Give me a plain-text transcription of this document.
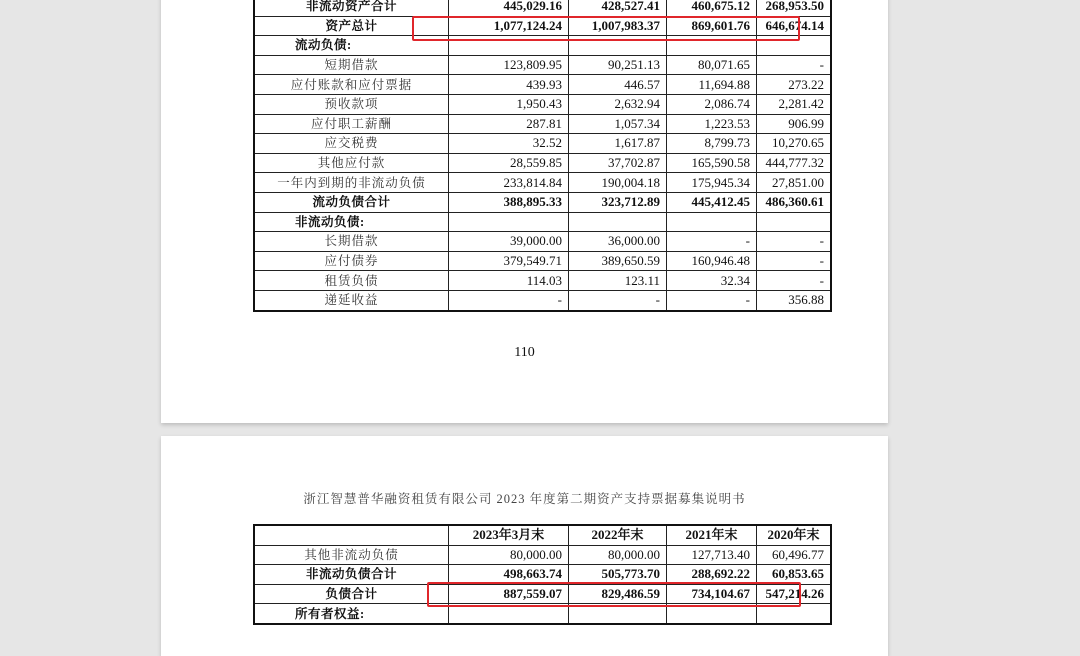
非流动资产合计	445,029.16	428,527.41	460,675.12	268,953.50
资产总计	1,077,124.24	1,007,983.37	869,601.76	646,674.14
流动负债:				
短期借款	123,809.95	90,251.13	80,071.65	-
应付账款和应付票据	439.93	446.57	11,694.88	273.22
预收款项	1,950.43	2,632.94	2,086.74	2,281.42
应付职工薪酬	287.81	1,057.34	1,223.53	906.99
应交税费	32.52	1,617.87	8,799.73	10,270.65
其他应付款	28,559.85	37,702.87	165,590.58	444,777.32
一年内到期的非流动负债	233,814.84	190,004.18	175,945.34	27,851.00
流动负债合计	388,895.33	323,712.89	445,412.45	486,360.61
非流动负债:				
长期借款	39,000.00	36,000.00	-	-
应付债券	379,549.71	389,650.59	160,946.48	-
租赁负债	114.03	123.11	32.34	-
递延收益	-	-	-	356.88
110
浙江智慧普华融资租赁有限公司 2023 年度第二期资产支持票据募集说明书
	2023年3月末	2022年末	2021年末	2020年末
其他非流动负债	80,000.00	80,000.00	127,713.40	60,496.77
非流动负债合计	498,663.74	505,773.70	288,692.22	60,853.65
负债合计	887,559.07	829,486.59	734,104.67	547,214.26
所有者权益:				
